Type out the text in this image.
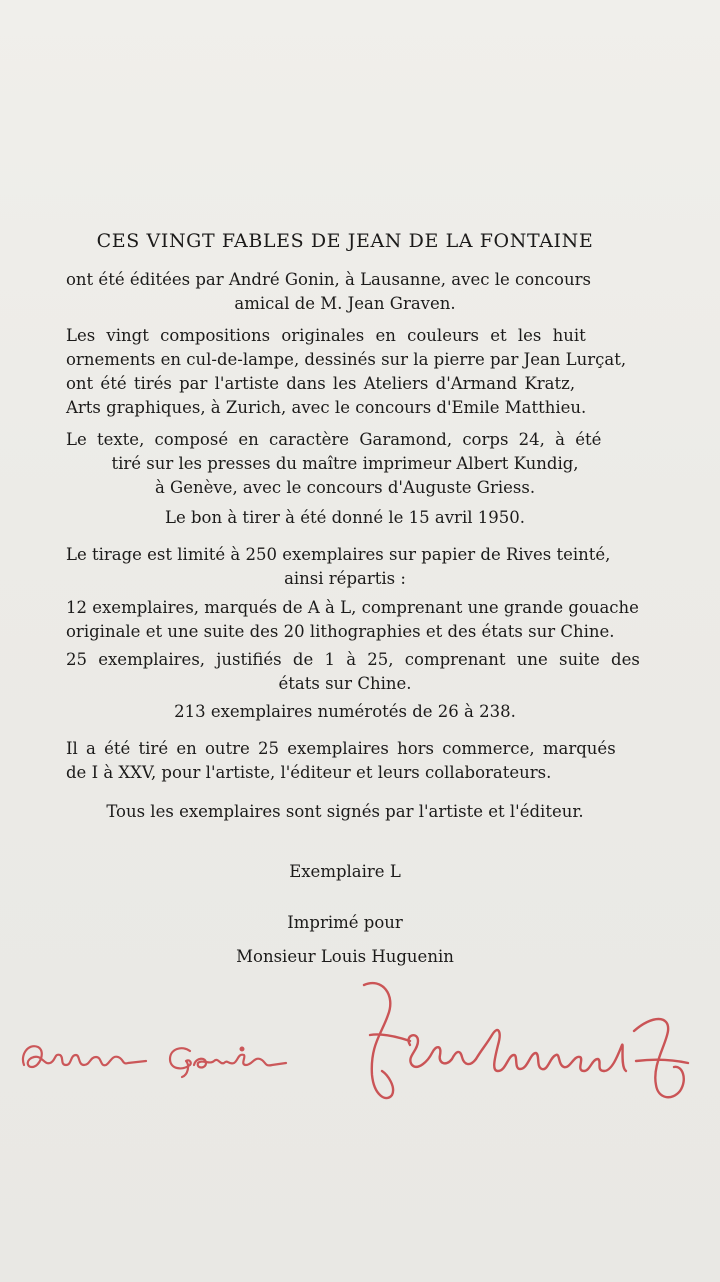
CES VINGT FABLES DE JEAN DE LA FONTAINE
ont été éditées par André Gonin, à Lausanne, avec le concours
amical de M. Jean Graven.
Les vingt compositions originales en couleurs et les huit
ornements en cul-de-lampe, dessinés sur la pierre par Jean Lurçat,
ont été tirés par l'artiste dans les Ateliers d'Armand Kratz,
Arts graphiques, à Zurich, avec le concours d'Emile Matthieu.
Le texte, composé en caractère Garamond, corps 24, à été
tiré sur les presses du maître imprimeur Albert Kundig,
à Genève, avec le concours d'Auguste Griess.
Le bon à tirer à été donné le 15 avril 1950.
Le tirage est limité à 250 exemplaires sur papier de Rives teinté,
ainsi répartis :
12 exemplaires, marqués de A à L, comprenant une grande gouache
originale et une suite des 20 lithographies et des états sur Chine.
25 exemplaires, justifiés de 1 à 25, comprenant une suite des
états sur Chine.
213 exemplaires numérotés de 26 à 238.
Il a été tiré en outre 25 exemplaires hors commerce, marqués
de I à XXV, pour l'artiste, l'éditeur et leurs collaborateurs.
Tous les exemplaires sont signés par l'artiste et l'éditeur.
Exemplaire L
Imprimé pour
Monsieur Louis Huguenin
